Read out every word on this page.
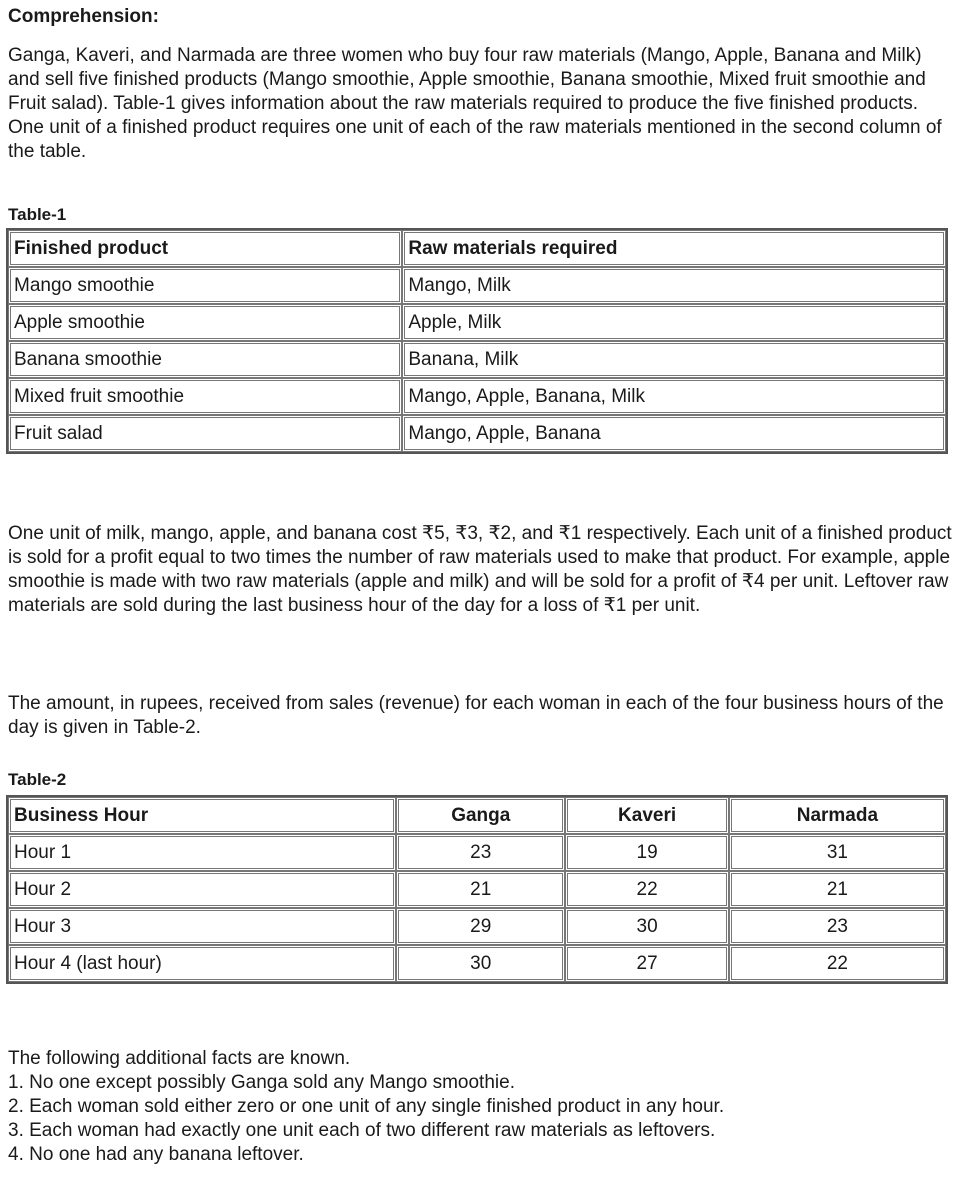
Comprehension:

Ganga, Kaveri, and Narmada are three women who buy four raw materials (Mango, Apple, Banana and Milk) and sell five finished products (Mango smoothie, Apple smoothie, Banana smoothie, Mixed fruit smoothie and Fruit salad). Table-1 gives information about the raw materials required to produce the five finished products. One unit of a finished product requires one unit of each of the raw materials mentioned in the second column of the table.

Table-1
Finished product	Raw materials required
Mango smoothie	Mango, Milk
Apple smoothie	Apple, Milk
Banana smoothie	Banana, Milk
Mixed fruit smoothie	Mango, Apple, Banana, Milk
Fruit salad	Mango, Apple, Banana

One unit of milk, mango, apple, and banana cost ₹5, ₹3, ₹2, and ₹1 respectively. Each unit of a finished product is sold for a profit equal to two times the number of raw materials used to make that product. For example, apple smoothie is made with two raw materials (apple and milk) and will be sold for a profit of ₹4 per unit. Leftover raw materials are sold during the last business hour of the day for a loss of ₹1 per unit.

The amount, in rupees, received from sales (revenue) for each woman in each of the four business hours of the day is given in Table-2.

Table-2
Business Hour	Ganga	Kaveri	Narmada
Hour 1	23	19	31
Hour 2	21	22	21
Hour 3	29	30	23
Hour 4 (last hour)	30	27	22
The following additional facts are known.
1. No one except possibly Ganga sold any Mango smoothie.
2. Each woman sold either zero or one unit of any single finished product in any hour.
3. Each woman had exactly one unit each of two different raw materials as leftovers.
4. No one had any banana leftover.
